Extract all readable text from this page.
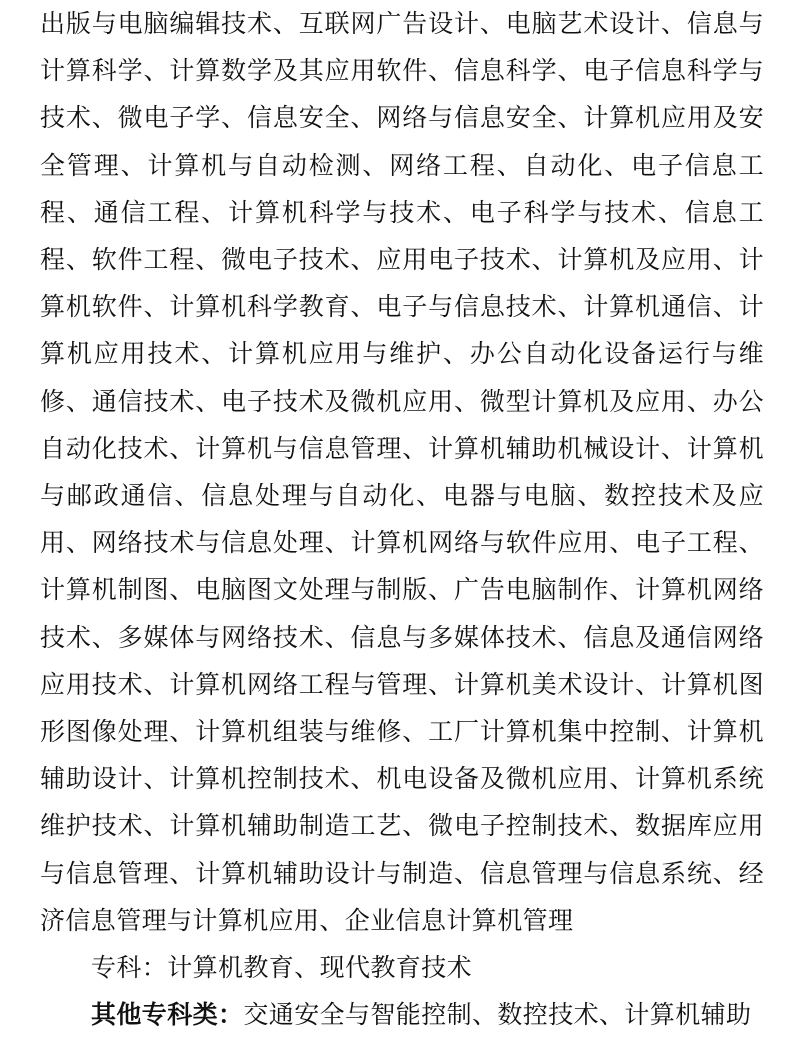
出版与电脑编辑技术、互联网广告设计、电脑艺术设计、信息与计算科学、计算数学及其应用软件、信息科学、电子信息科学与技术、微电子学、信息安全、网络与信息安全、计算机应用及安全管理、计算机与自动检测、网络工程、自动化、电子信息工程、通信工程、计算机科学与技术、电子科学与技术、信息工程、软件工程、微电子技术、应用电子技术、计算机及应用、计算机软件、计算机科学教育、电子与信息技术、计算机通信、计算机应用技术、计算机应用与维护、办公自动化设备运行与维修、通信技术、电子技术及微机应用、微型计算机及应用、办公自动化技术、计算机与信息管理、计算机辅助机械设计、计算机与邮政通信、信息处理与自动化、电器与电脑、数控技术及应用、网络技术与信息处理、计算机网络与软件应用、电子工程、计算机制图、电脑图文处理与制版、广告电脑制作、计算机网络技术、多媒体与网络技术、信息与多媒体技术、信息及通信网络应用技术、计算机网络工程与管理、计算机美术设计、计算机图形图像处理、计算机组装与维修、工厂计算机集中控制、计算机辅助设计、计算机控制技术、机电设备及微机应用、计算机系统维护技术、计算机辅助制造工艺、微电子控制技术、数据库应用与信息管理、计算机辅助设计与制造、信息管理与信息系统、经济信息管理与计算机应用、企业信息计算机管理

专科：计算机教育、现代教育技术

其他专科类：交通安全与智能控制、数控技术、计算机辅助
